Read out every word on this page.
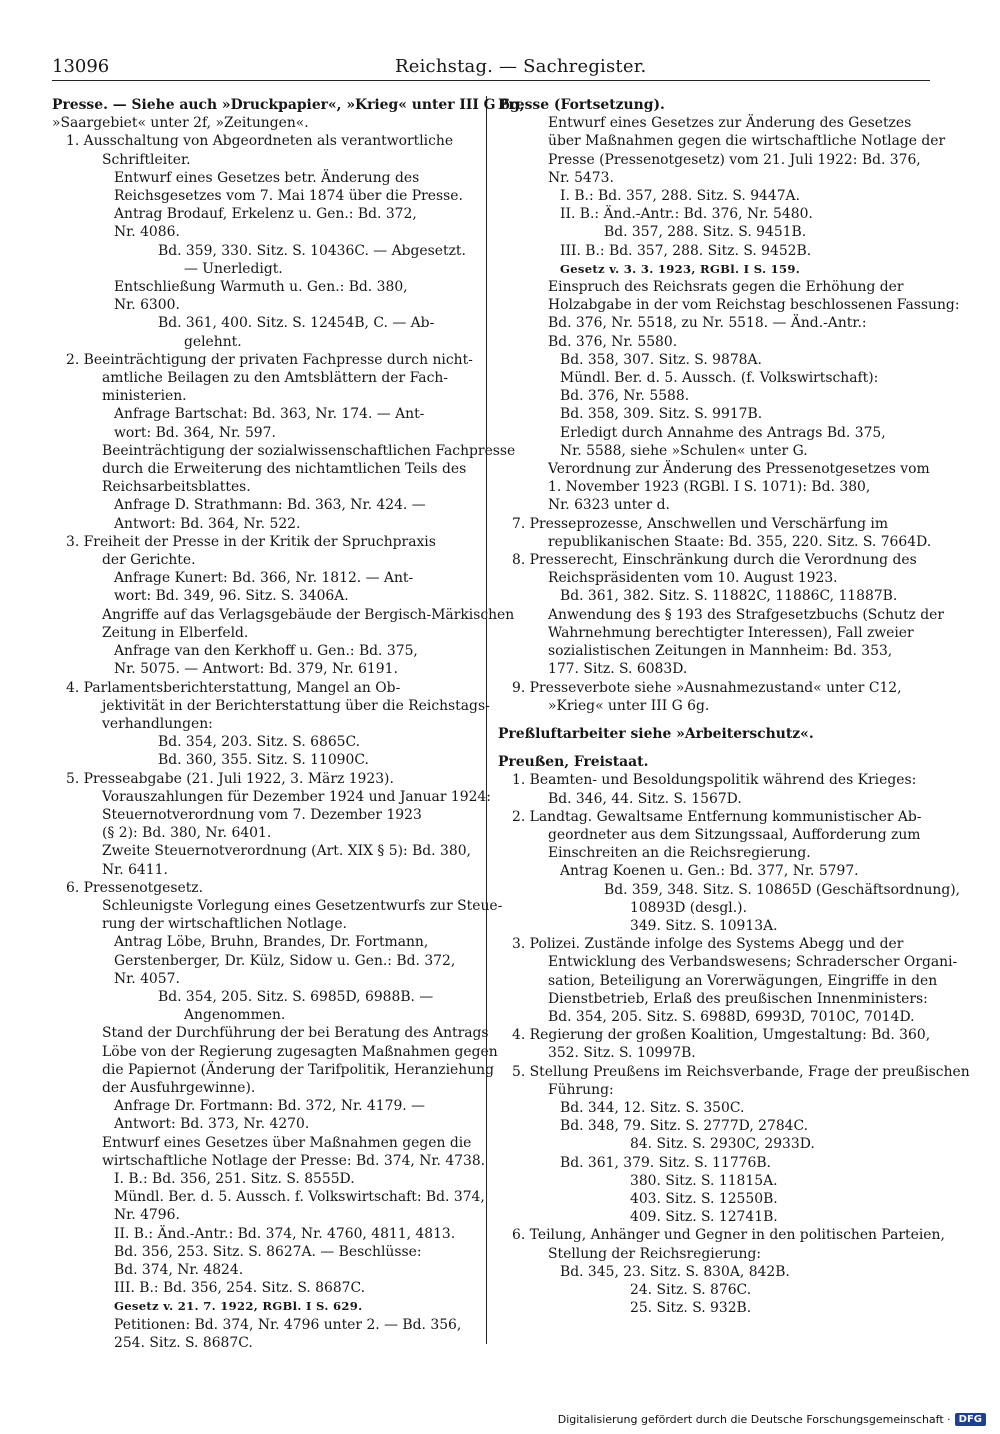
13096	Reichstag. — Sachregister.
Presse. — Siehe auch »Druckpapier«, »Krieg« unter III G 6g,
»Saargebiet« unter 2f, »Zeitungen«.
1. Ausschaltung von Abgeordneten als verantwortliche
Schriftleiter.
Entwurf eines Gesetzes betr. Änderung des
Reichsgesetzes vom 7. Mai 1874 über die Presse.
Antrag Brodauf, Erkelenz u. Gen.: Bd. 372,
Nr. 4086.
Bd. 359, 330. Sitz. S. 10436C. — Abgesetzt.
— Unerledigt.
Entschließung Warmuth u. Gen.: Bd. 380,
Nr. 6300.
Bd. 361, 400. Sitz. S. 12454B, C. — Ab-
gelehnt.
2. Beeinträchtigung der privaten Fachpresse durch nicht-
amtliche Beilagen zu den Amtsblättern der Fach-
ministerien.
Anfrage Bartschat: Bd. 363, Nr. 174. — Ant-
wort: Bd. 364, Nr. 597.
Beeinträchtigung der sozialwissenschaftlichen Fachpresse
durch die Erweiterung des nichtamtlichen Teils des
Reichsarbeitsblattes.
Anfrage D. Strathmann: Bd. 363, Nr. 424. —
Antwort: Bd. 364, Nr. 522.
3. Freiheit der Presse in der Kritik der Spruchpraxis
der Gerichte.
Anfrage Kunert: Bd. 366, Nr. 1812. — Ant-
wort: Bd. 349, 96. Sitz. S. 3406A.
Angriffe auf das Verlagsgebäude der Bergisch-Märkischen
Zeitung in Elberfeld.
Anfrage van den Kerkhoff u. Gen.: Bd. 375,
Nr. 5075. — Antwort: Bd. 379, Nr. 6191.
4. Parlamentsberichterstattung, Mangel an Ob-
jektivität in der Berichterstattung über die Reichstags-
verhandlungen:
Bd. 354, 203. Sitz. S. 6865C.
Bd. 360, 355. Sitz. S. 11090C.
5. Presseabgabe (21. Juli 1922, 3. März 1923).
Vorauszahlungen für Dezember 1924 und Januar 1924:
Steuernotverordnung vom 7. Dezember 1923
(§ 2): Bd. 380, Nr. 6401.
Zweite Steuernotverordnung (Art. XIX § 5): Bd. 380,
Nr. 6411.
6. Pressenotgesetz.
Schleunigste Vorlegung eines Gesetzentwurfs zur Steue-
rung der wirtschaftlichen Notlage.
Antrag Löbe, Bruhn, Brandes, Dr. Fortmann,
Gerstenberger, Dr. Külz, Sidow u. Gen.: Bd. 372,
Nr. 4057.
Bd. 354, 205. Sitz. S. 6985D, 6988B. —
Angenommen.
Stand der Durchführung der bei Beratung des Antrags
Löbe von der Regierung zugesagten Maßnahmen gegen
die Papiernot (Änderung der Tarifpolitik, Heranziehung
der Ausfuhrgewinne).
Anfrage Dr. Fortmann: Bd. 372, Nr. 4179. —
Antwort: Bd. 373, Nr. 4270.
Entwurf eines Gesetzes über Maßnahmen gegen die
wirtschaftliche Notlage der Presse: Bd. 374, Nr. 4738.
I. B.: Bd. 356, 251. Sitz. S. 8555D.
Mündl. Ber. d. 5. Aussch. f. Volkswirtschaft: Bd. 374,
Nr. 4796.
II. B.: Änd.-Antr.: Bd. 374, Nr. 4760, 4811, 4813.
Bd. 356, 253. Sitz. S. 8627A. — Beschlüsse:
Bd. 374, Nr. 4824.
III. B.: Bd. 356, 254. Sitz. S. 8687C.
Gesetz v. 21. 7. 1922, RGBl. I S. 629.
Petitionen: Bd. 374, Nr. 4796 unter 2. — Bd. 356,
254. Sitz. S. 8687C.
Presse (Fortsetzung).
Entwurf eines Gesetzes zur Änderung des Gesetzes
über Maßnahmen gegen die wirtschaftliche Notlage der
Presse (Pressenotgesetz) vom 21. Juli 1922: Bd. 376,
Nr. 5473.
I. B.: Bd. 357, 288. Sitz. S. 9447A.
II. B.: Änd.-Antr.: Bd. 376, Nr. 5480.
Bd. 357, 288. Sitz. S. 9451B.
III. B.: Bd. 357, 288. Sitz. S. 9452B.
Gesetz v. 3. 3. 1923, RGBl. I S. 159.
Einspruch des Reichsrats gegen die Erhöhung der
Holzabgabe in der vom Reichstag beschlossenen Fassung:
Bd. 376, Nr. 5518, zu Nr. 5518. — Änd.-Antr.:
Bd. 376, Nr. 5580.
Bd. 358, 307. Sitz. S. 9878A.
Mündl. Ber. d. 5. Aussch. (f. Volkswirtschaft):
Bd. 376, Nr. 5588.
Bd. 358, 309. Sitz. S. 9917B.
Erledigt durch Annahme des Antrags Bd. 375,
Nr. 5588, siehe »Schulen« unter G.
Verordnung zur Änderung des Pressenotgesetzes vom
1. November 1923 (RGBl. I S. 1071): Bd. 380,
Nr. 6323 unter d.
7. Presseprozesse, Anschwellen und Verschärfung im
republikanischen Staate: Bd. 355, 220. Sitz. S. 7664D.
8. Presserecht, Einschränkung durch die Verordnung des
Reichspräsidenten vom 10. August 1923.
Bd. 361, 382. Sitz. S. 11882C, 11886C, 11887B.
Anwendung des § 193 des Strafgesetzbuchs (Schutz der
Wahrnehmung berechtigter Interessen), Fall zweier
sozialistischen Zeitungen in Mannheim: Bd. 353,
177. Sitz. S. 6083D.
9. Presseverbote siehe »Ausnahmezustand« unter C12,
»Krieg« unter III G 6g.
Preßluftarbeiter siehe »Arbeiterschutz«.
Preußen, Freistaat.
1. Beamten- und Besoldungspolitik während des Krieges:
Bd. 346, 44. Sitz. S. 1567D.
2. Landtag. Gewaltsame Entfernung kommunistischer Ab-
geordneter aus dem Sitzungssaal, Aufforderung zum
Einschreiten an die Reichsregierung.
Antrag Koenen u. Gen.: Bd. 377, Nr. 5797.
Bd. 359, 348. Sitz. S. 10865D (Geschäftsordnung),
10893D (desgl.).
349. Sitz. S. 10913A.
3. Polizei. Zustände infolge des Systems Abegg und der
Entwicklung des Verbandswesens; Schraderscher Organi-
sation, Beteiligung an Vorerwägungen, Eingriffe in den
Dienstbetrieb, Erlaß des preußischen Innenministers:
Bd. 354, 205. Sitz. S. 6988D, 6993D, 7010C, 7014D.
4. Regierung der großen Koalition, Umgestaltung: Bd. 360,
352. Sitz. S. 10997B.
5. Stellung Preußens im Reichsverbande, Frage der preußischen
Führung:
Bd. 344, 12. Sitz. S. 350C.
Bd. 348, 79. Sitz. S. 2777D, 2784C.
84. Sitz. S. 2930C, 2933D.
Bd. 361, 379. Sitz. S. 11776B.
380. Sitz. S. 11815A.
403. Sitz. S. 12550B.
409. Sitz. S. 12741B.
6. Teilung, Anhänger und Gegner in den politischen Parteien,
Stellung der Reichsregierung:
Bd. 345, 23. Sitz. S. 830A, 842B.
24. Sitz. S. 876C.
25. Sitz. S. 932B.
Digitalisierung gefördert durch die Deutsche Forschungsgemeinschaft · DFG
